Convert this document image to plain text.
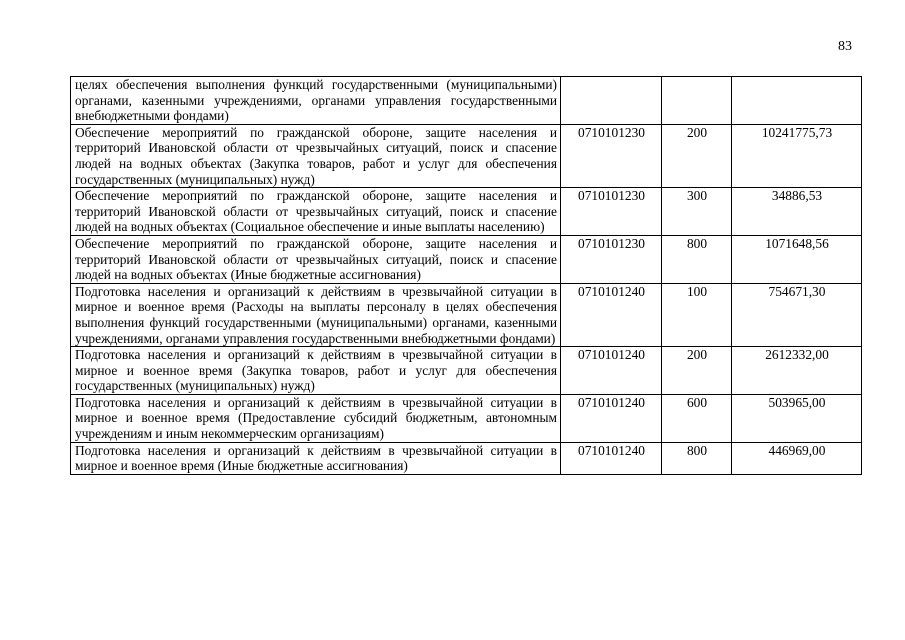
83
целях обеспечения выполнения функций государственными (муниципальными) органами, казенными учреждениями, органами управления государственными внебюджетными фондами)			
Обеспечение мероприятий по гражданской обороне, защите населения и территорий Ивановской области от чрезвычайных ситуаций, поиск и спасение людей на водных объектах (Закупка товаров, работ и услуг для обеспечения государственных (муниципальных) нужд)	0710101230	200	10241775,73
Обеспечение мероприятий по гражданской обороне, защите населения и территорий Ивановской области от чрезвычайных ситуаций, поиск и спасение людей на водных объектах (Социальное обеспечение и иные выплаты населению)	0710101230	300	34886,53
Обеспечение мероприятий по гражданской обороне, защите населения и территорий Ивановской области от чрезвычайных ситуаций, поиск и спасение людей на водных объектах (Иные бюджетные ассигнования)	0710101230	800	1071648,56
Подготовка населения и организаций к действиям в чрезвычайной ситуации в мирное и военное время (Расходы на выплаты персоналу в целях обеспечения выполнения функций государственными (муниципальными) органами, казенными учреждениями, органами управления государственными внебюджетными фондами)	0710101240	100	754671,30
Подготовка населения и организаций к действиям в чрезвычайной ситуации в мирное и военное время (Закупка товаров, работ и услуг для обеспечения государственных (муниципальных) нужд)	0710101240	200	2612332,00
Подготовка населения и организаций к действиям в чрезвычайной ситуации в мирное и военное время (Предоставление субсидий бюджетным, автономным учреждениям и иным некоммерческим организациям)	0710101240	600	503965,00
Подготовка населения и организаций к действиям в чрезвычайной ситуации в мирное и военное время (Иные бюджетные ассигнования)	0710101240	800	446969,00
